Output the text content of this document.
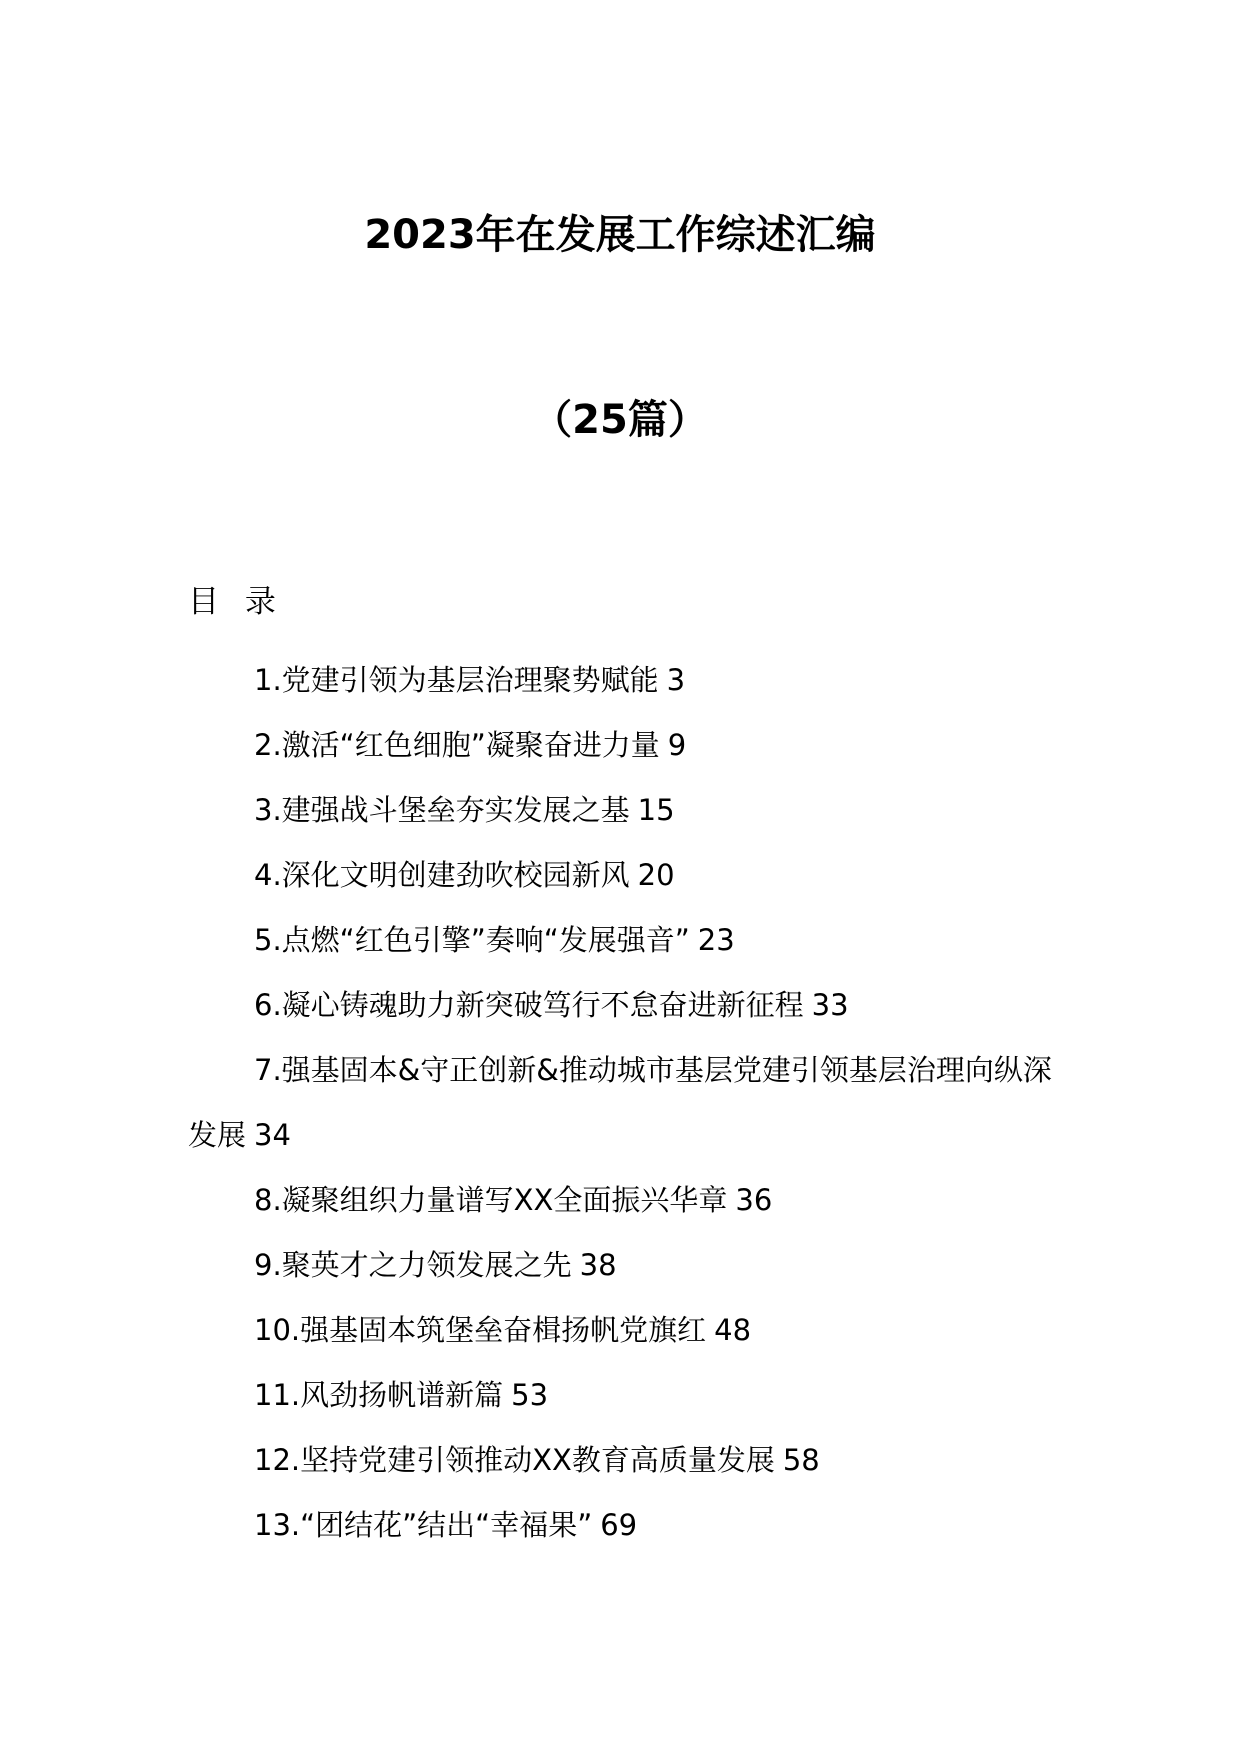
2023年在发展工作综述汇编
（25篇）
目 录
1.党建引领为基层治理聚势赋能 3
2.激活“红色细胞”凝聚奋进力量 9
3.建强战斗堡垒夯实发展之基 15
4.深化文明创建劲吹校园新风 20
5.点燃“红色引擎”奏响“发展强音” 23
6.凝心铸魂助力新突破笃行不怠奋进新征程 33
7.强基固本&守正创新&推动城市基层党建引领基层治理向纵深发展 34
8.凝聚组织力量谱写XX全面振兴华章 36
9.聚英才之力领发展之先 38
10.强基固本筑堡垒奋楫扬帆党旗红 48
11.风劲扬帆谱新篇 53
12.坚持党建引领推动XX教育高质量发展 58
13.“团结花”结出“幸福果” 69
